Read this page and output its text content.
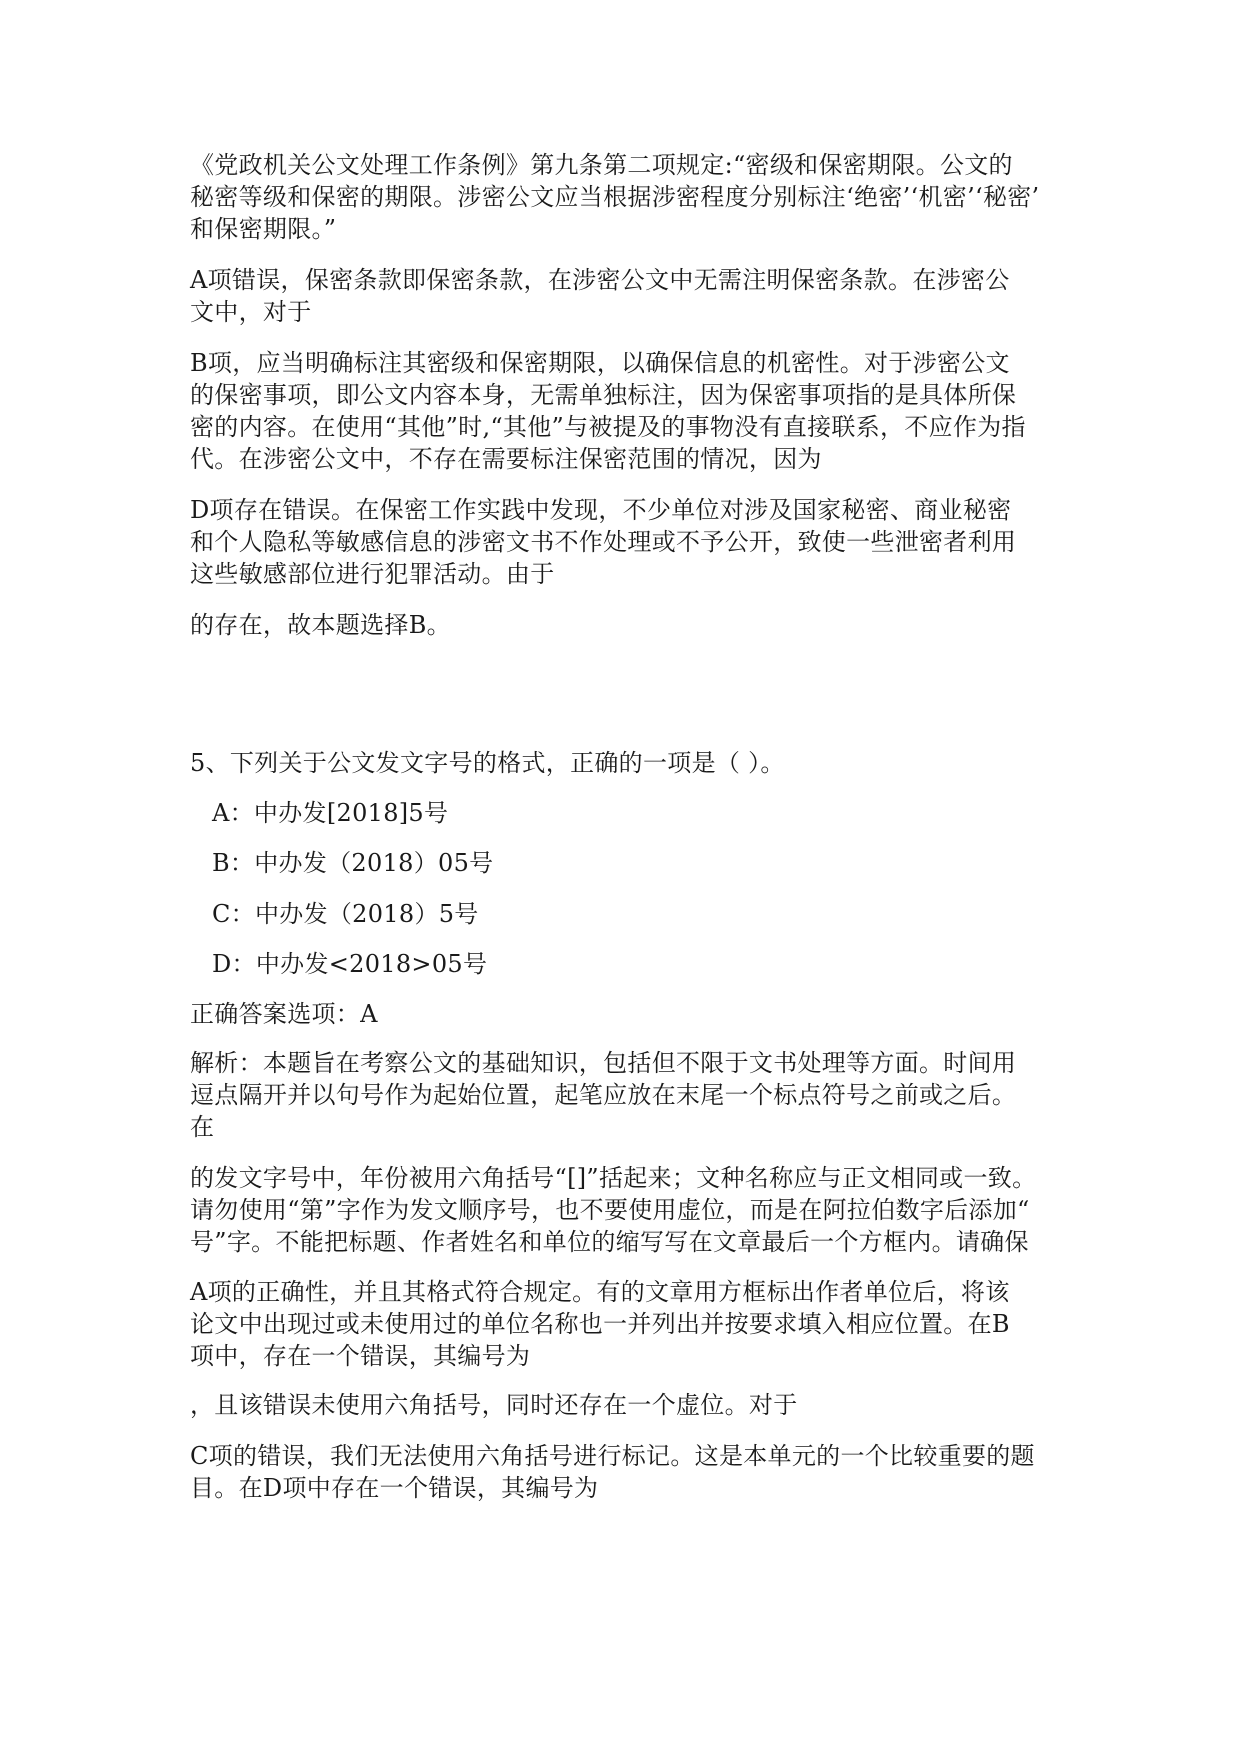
《党政机关公文处理工作条例》第九条第二项规定:“密级和保密期限。公文的
秘密等级和保密的期限。涉密公文应当根据涉密程度分别标注‘绝密’‘机密’‘秘密’
和保密期限。”

A项错误，保密条款即保密条款，在涉密公文中无需注明保密条款。在涉密公
文中，对于

B项，应当明确标注其密级和保密期限，以确保信息的机密性。对于涉密公文
的保密事项，即公文内容本身，无需单独标注，因为保密事项指的是具体所保
密的内容。在使用“其他”时,“其他”与被提及的事物没有直接联系，不应作为指
代。在涉密公文中，不存在需要标注保密范围的情况，因为

D项存在错误。在保密工作实践中发现，不少单位对涉及国家秘密、商业秘密
和个人隐私等敏感信息的涉密文书不作处理或不予公开，致使一些泄密者利用
这些敏感部位进行犯罪活动。由于

的存在，故本题选择B。

5、下列关于公文发文字号的格式，正确的一项是（ ）。

A：中办发[2018]5号

B：中办发（2018）05号

C：中办发（2018）5号

D：中办发<2018>05号

正确答案选项：A

解析：本题旨在考察公文的基础知识，包括但不限于文书处理等方面。时间用
逗点隔开并以句号作为起始位置，起笔应放在末尾一个标点符号之前或之后。
在

的发文字号中，年份被用六角括号“[]”括起来；文种名称应与正文相同或一致。
请勿使用“第”字作为发文顺序号，也不要使用虚位，而是在阿拉伯数字后添加“
号”字。不能把标题、作者姓名和单位的缩写写在文章最后一个方框内。请确保

A项的正确性，并且其格式符合规定。有的文章用方框标出作者单位后，将该
论文中出现过或未使用过的单位名称也一并列出并按要求填入相应位置。在B
项中，存在一个错误，其编号为

，且该错误未使用六角括号，同时还存在一个虚位。对于

C项的错误，我们无法使用六角括号进行标记。这是本单元的一个比较重要的题
目。在D项中存在一个错误，其编号为
